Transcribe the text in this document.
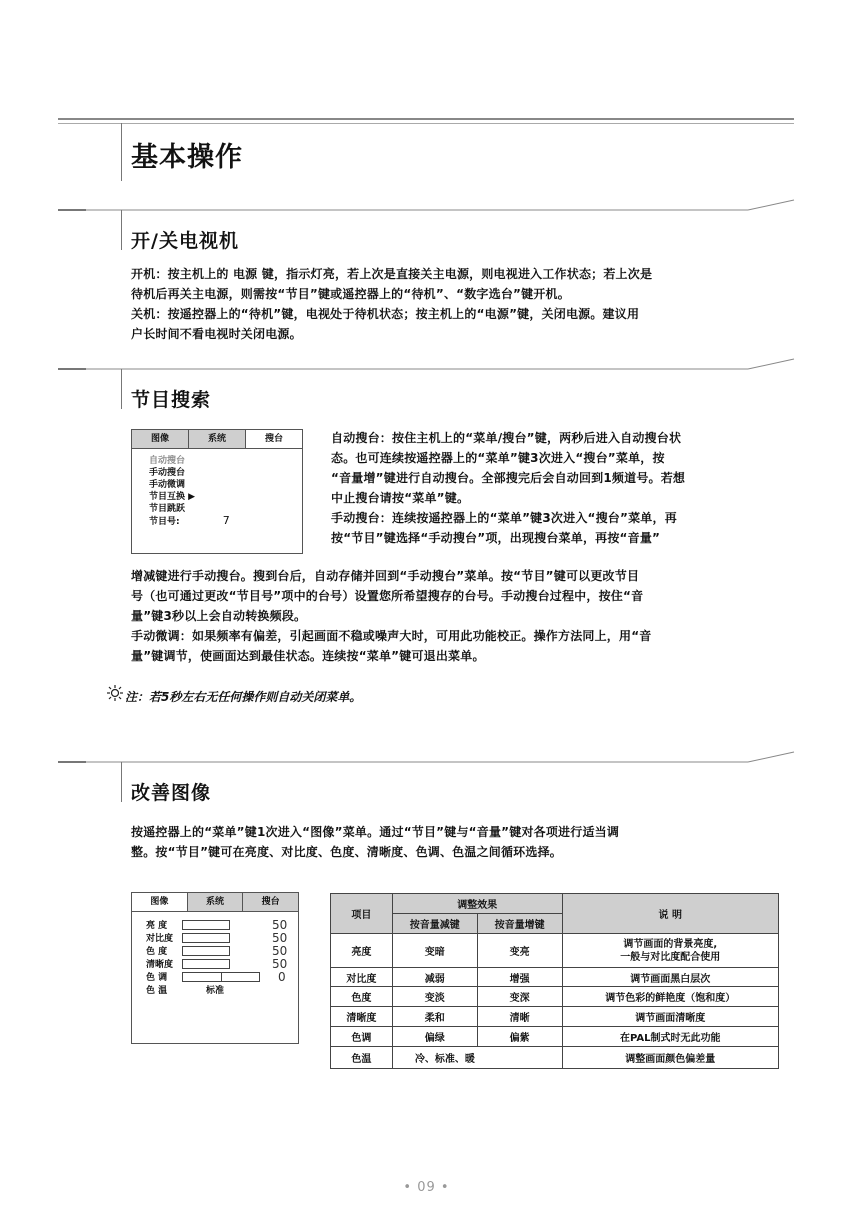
基本操作
开/关电视机

开机：按主机上的 电源 键，指示灯亮，若上次是直接关主电源，则电视进入工作状态；若上次是

待机后再关主电源，则需按“节目”键或遥控器上的“待机”、“数字选台”键开机。

关机：按遥控器上的“待机”键，电视处于待机状态；按主机上的“电源”键，关闭电源。建议用

户长时间不看电视时关闭电源。

节目搜索
图像	系统	搜台
自动搜台
手动搜台
手动微调
节目互换 ▶
节目跳跃
节目号:	7

自动搜台：按住主机上的“菜单/搜台”键，两秒后进入自动搜台状

态。也可连续按遥控器上的“菜单”键3次进入“搜台”菜单，按

“音量增”键进行自动搜台。全部搜完后会自动回到1频道号。若想

中止搜台请按“菜单”键。

手动搜台：连续按遥控器上的“菜单”键3次进入“搜台”菜单，再

按“节目”键选择“手动搜台”项，出现搜台菜单，再按“音量”

增减键进行手动搜台。搜到台后，自动存储并回到“手动搜台”菜单。按“节目”键可以更改节目

号（也可通过更改“节目号”项中的台号）设置您所希望搜存的台号。手动搜台过程中，按住“音

量”键3秒以上会自动转换频段。

手动微调：如果频率有偏差，引起画面不稳或噪声大时，可用此功能校正。操作方法同上，用“音

量”键调节，使画面达到最佳状态。连续按“菜单”键可退出菜单。

注：若5秒左右无任何操作则自动关闭菜单。
改善图像

按遥控器上的“菜单”键1次进入“图像”菜单。通过“节目”键与“音量”键对各项进行适当调

整。按“节目”键可在亮度、对比度、色度、清晰度、色调、色温之间循环选择。

图像	系统	搜台
亮 度	50
对比度	50
色 度	50
清晰度	50
色 调	0
色 温	标准
项目	调整效果		说 明
	按音量减键	按音量增键	
亮度	变暗	变亮	调节画面的背景亮度,
一般与对比度配合使用

对比度	减弱	增强	调节画面黑白层次
色度	变淡	变深	调节色彩的鲜艳度（饱和度）
清晰度	柔和	清晰	调节画面清晰度
色调	偏绿	偏紫	在PAL制式时无此功能
色温	冷、标准、暖		调整画面颜色偏差量
• 09 •
